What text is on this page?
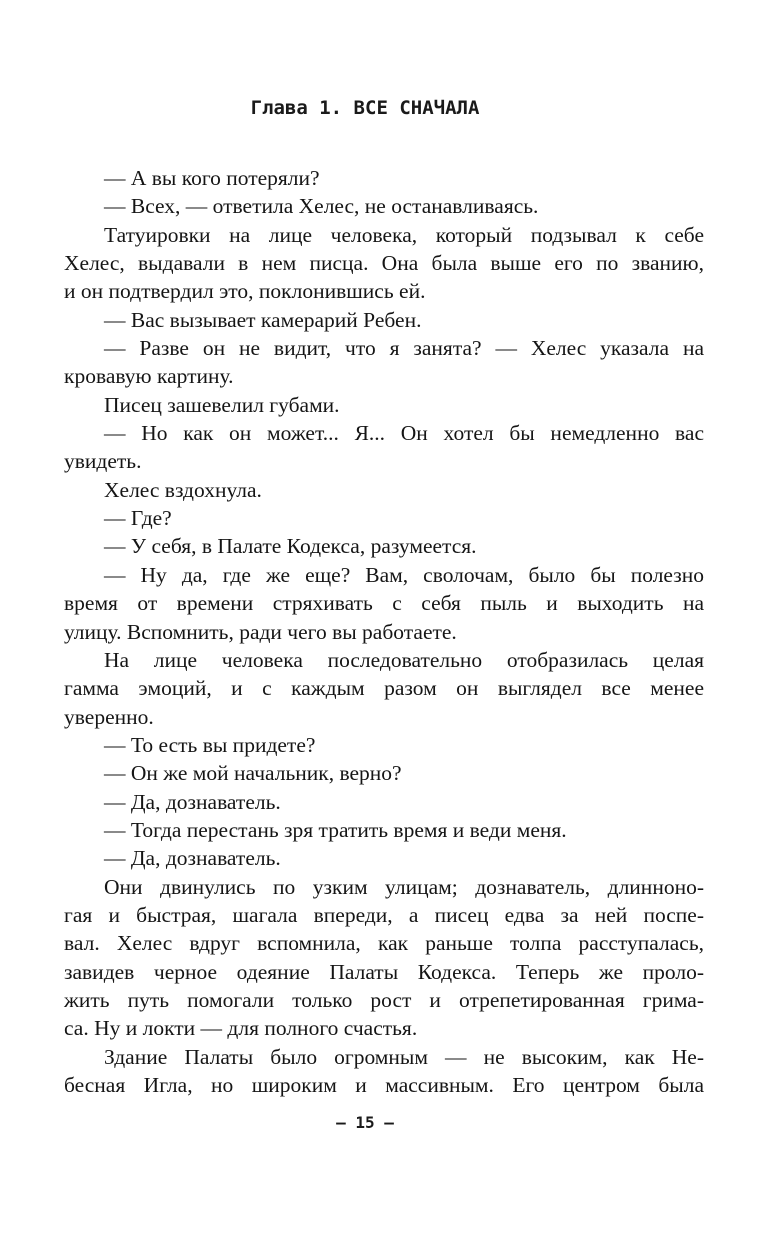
Глава 1. ВСЕ СНАЧАЛА
— А вы кого потеряли?
— Всех, — ответила Хелес, не останавливаясь.
Татуировки на лице человека, который подзывал к себе
Хелес, выдавали в нем писца. Она была выше его по званию,
и он подтвердил это, поклонившись ей.
— Вас вызывает камерарий Ребен.
— Разве он не видит, что я занята? — Хелес указала на
кровавую картину.
Писец зашевелил губами.
— Но как он может... Я... Он хотел бы немедленно вас
увидеть.
Хелес вздохнула.
— Где?
— У себя, в Палате Кодекса, разумеется.
— Ну да, где же еще? Вам, сволочам, было бы полезно
время от времени стряхивать с себя пыль и выходить на
улицу. Вспомнить, ради чего вы работаете.
На лице человека последовательно отобразилась целая
гамма эмоций, и с каждым разом он выглядел все менее
уверенно.
— То есть вы придете?
— Он же мой начальник, верно?
— Да, дознаватель.
— Тогда перестань зря тратить время и веди меня.
— Да, дознаватель.
Они двинулись по узким улицам; дознаватель, длинноно-
гая и быстрая, шагала впереди, а писец едва за ней поспе-
вал. Хелес вдруг вспомнила, как раньше толпа расступалась,
завидев черное одеяние Палаты Кодекса. Теперь же проло-
жить путь помогали только рост и отрепетированная грима-
са. Ну и локти — для полного счастья.
Здание Палаты было огромным — не высоким, как Не-
бесная Игла, но широким и массивным. Его центром была
— 15 —
